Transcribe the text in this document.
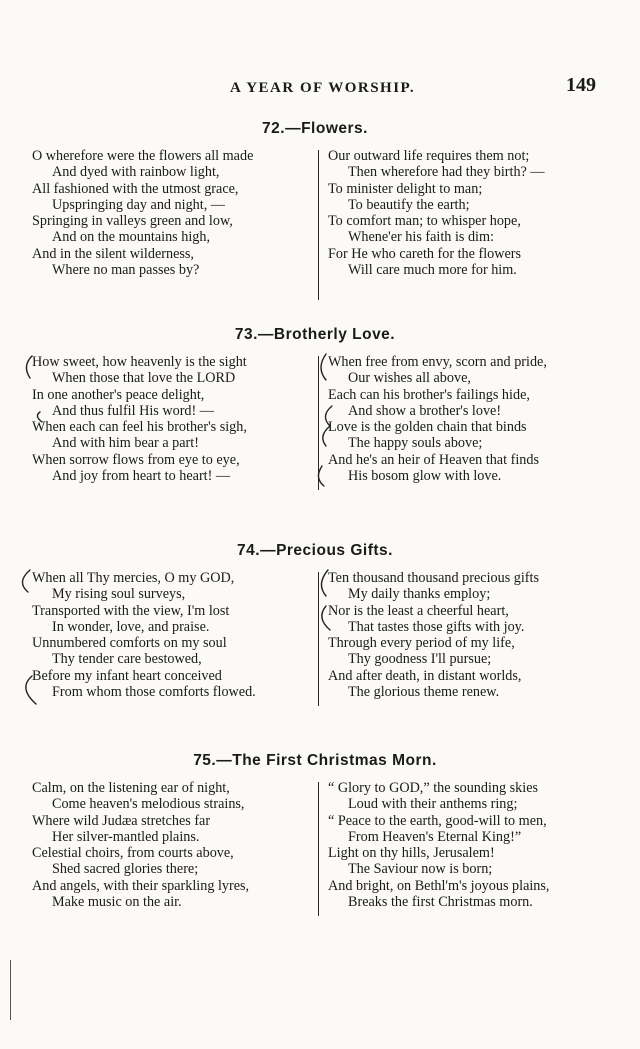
A YEAR OF WORSHIP.	149
72.—Flowers.
O wherefore were the flowers all made
And dyed with rainbow light,
All fashioned with the utmost grace,
Upspringing day and night, —
Springing in valleys green and low,
And on the mountains high,
And in the silent wilderness,
Where no man passes by?
Our outward life requires them not;
Then wherefore had they birth? —
To minister delight to man;
To beautify the earth;
To comfort man; to whisper hope,
Whene'er his faith is dim:
For He who careth for the flowers
Will care much more for him.
73.—Brotherly Love.
How sweet, how heavenly is the sight
When those that love the LORD
In one another's peace delight,
And thus fulfil His word! —
When each can feel his brother's sigh,
And with him bear a part!
When sorrow flows from eye to eye,
And joy from heart to heart! —
When free from envy, scorn and pride,
Our wishes all above,
Each can his brother's failings hide,
And show a brother's love!
Love is the golden chain that binds
The happy souls above;
And he's an heir of Heaven that finds
His bosom glow with love.
74.—Precious Gifts.
When all Thy mercies, O my GOD,
My rising soul surveys,
Transported with the view, I'm lost
In wonder, love, and praise.
Unnumbered comforts on my soul
Thy tender care bestowed,
Before my infant heart conceived
From whom those comforts flowed.
Ten thousand thousand precious gifts
My daily thanks employ;
Nor is the least a cheerful heart,
That tastes those gifts with joy.
Through every period of my life,
Thy goodness I'll pursue;
And after death, in distant worlds,
The glorious theme renew.
75.—The First Christmas Morn.
Calm, on the listening ear of night,
Come heaven's melodious strains,
Where wild Judæa stretches far
Her silver-mantled plains.
Celestial choirs, from courts above,
Shed sacred glories there;
And angels, with their sparkling lyres,
Make music on the air.
“ Glory to GOD,” the sounding skies
Loud with their anthems ring;
“ Peace to the earth, good-will to men,
From Heaven's Eternal King!”
Light on thy hills, Jerusalem!
The Saviour now is born;
And bright, on Bethl'm's joyous plains,
Breaks the first Christmas morn.
